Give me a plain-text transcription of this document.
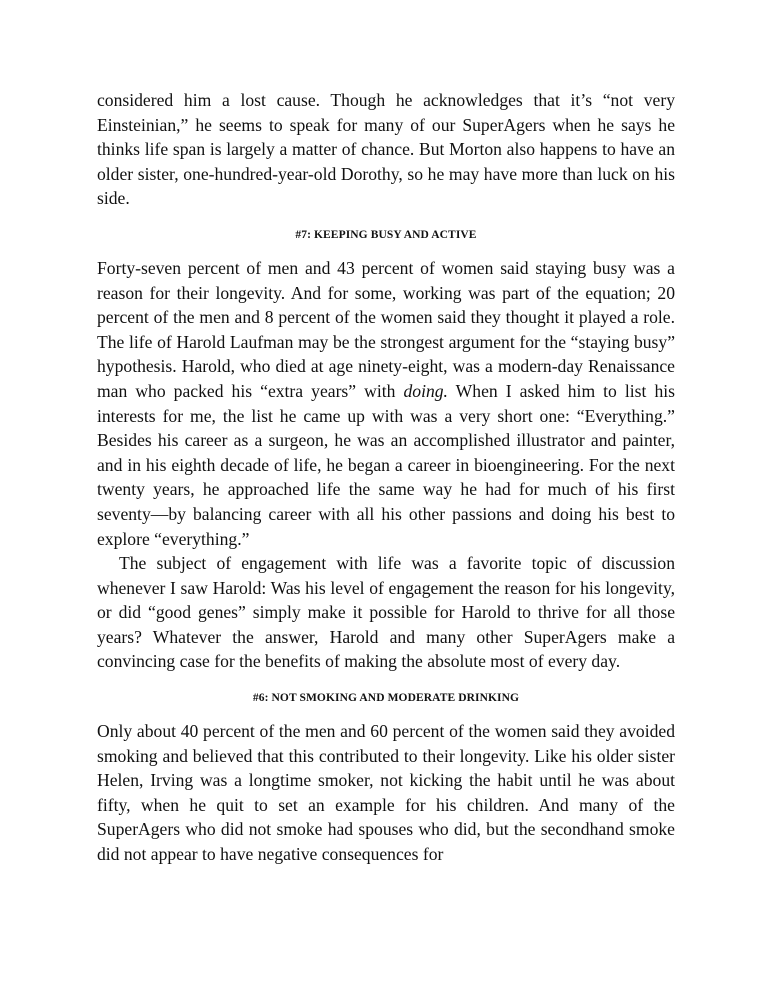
considered him a lost cause. Though he acknowledges that it’s “not very Einsteinian,” he seems to speak for many of our SuperAgers when he says he thinks life span is largely a matter of chance. But Morton also happens to have an older sister, one-hundred-year-old Dorothy, so he may have more than luck on his side.

#7: KEEPING BUSY AND ACTIVE

Forty-seven percent of men and 43 percent of women said staying busy was a reason for their longevity. And for some, working was part of the equation; 20 percent of the men and 8 percent of the women said they thought it played a role. The life of Harold Laufman may be the strongest argument for the “staying busy” hypothesis. Harold, who died at age ninety-eight, was a modern-day Renaissance man who packed his “extra years” with doing. When I asked him to list his interests for me, the list he came up with was a very short one: “Everything.” Besides his career as a surgeon, he was an accomplished illustrator and painter, and in his eighth decade of life, he began a career in bioengineering. For the next twenty years, he approached life the same way he had for much of his first seventy—by balancing career with all his other passions and doing his best to explore “everything.”

The subject of engagement with life was a favorite topic of discussion whenever I saw Harold: Was his level of engagement the reason for his longevity, or did “good genes” simply make it possible for Harold to thrive for all those years? Whatever the answer, Harold and many other SuperAgers make a convincing case for the benefits of making the absolute most of every day.

#6: NOT SMOKING AND MODERATE DRINKING

Only about 40 percent of the men and 60 percent of the women said they avoided smoking and believed that this contributed to their longevity. Like his older sister Helen, Irving was a longtime smoker, not kicking the habit until he was about fifty, when he quit to set an example for his children. And many of the SuperAgers who did not smoke had spouses who did, but the secondhand smoke did not appear to have negative consequences for
